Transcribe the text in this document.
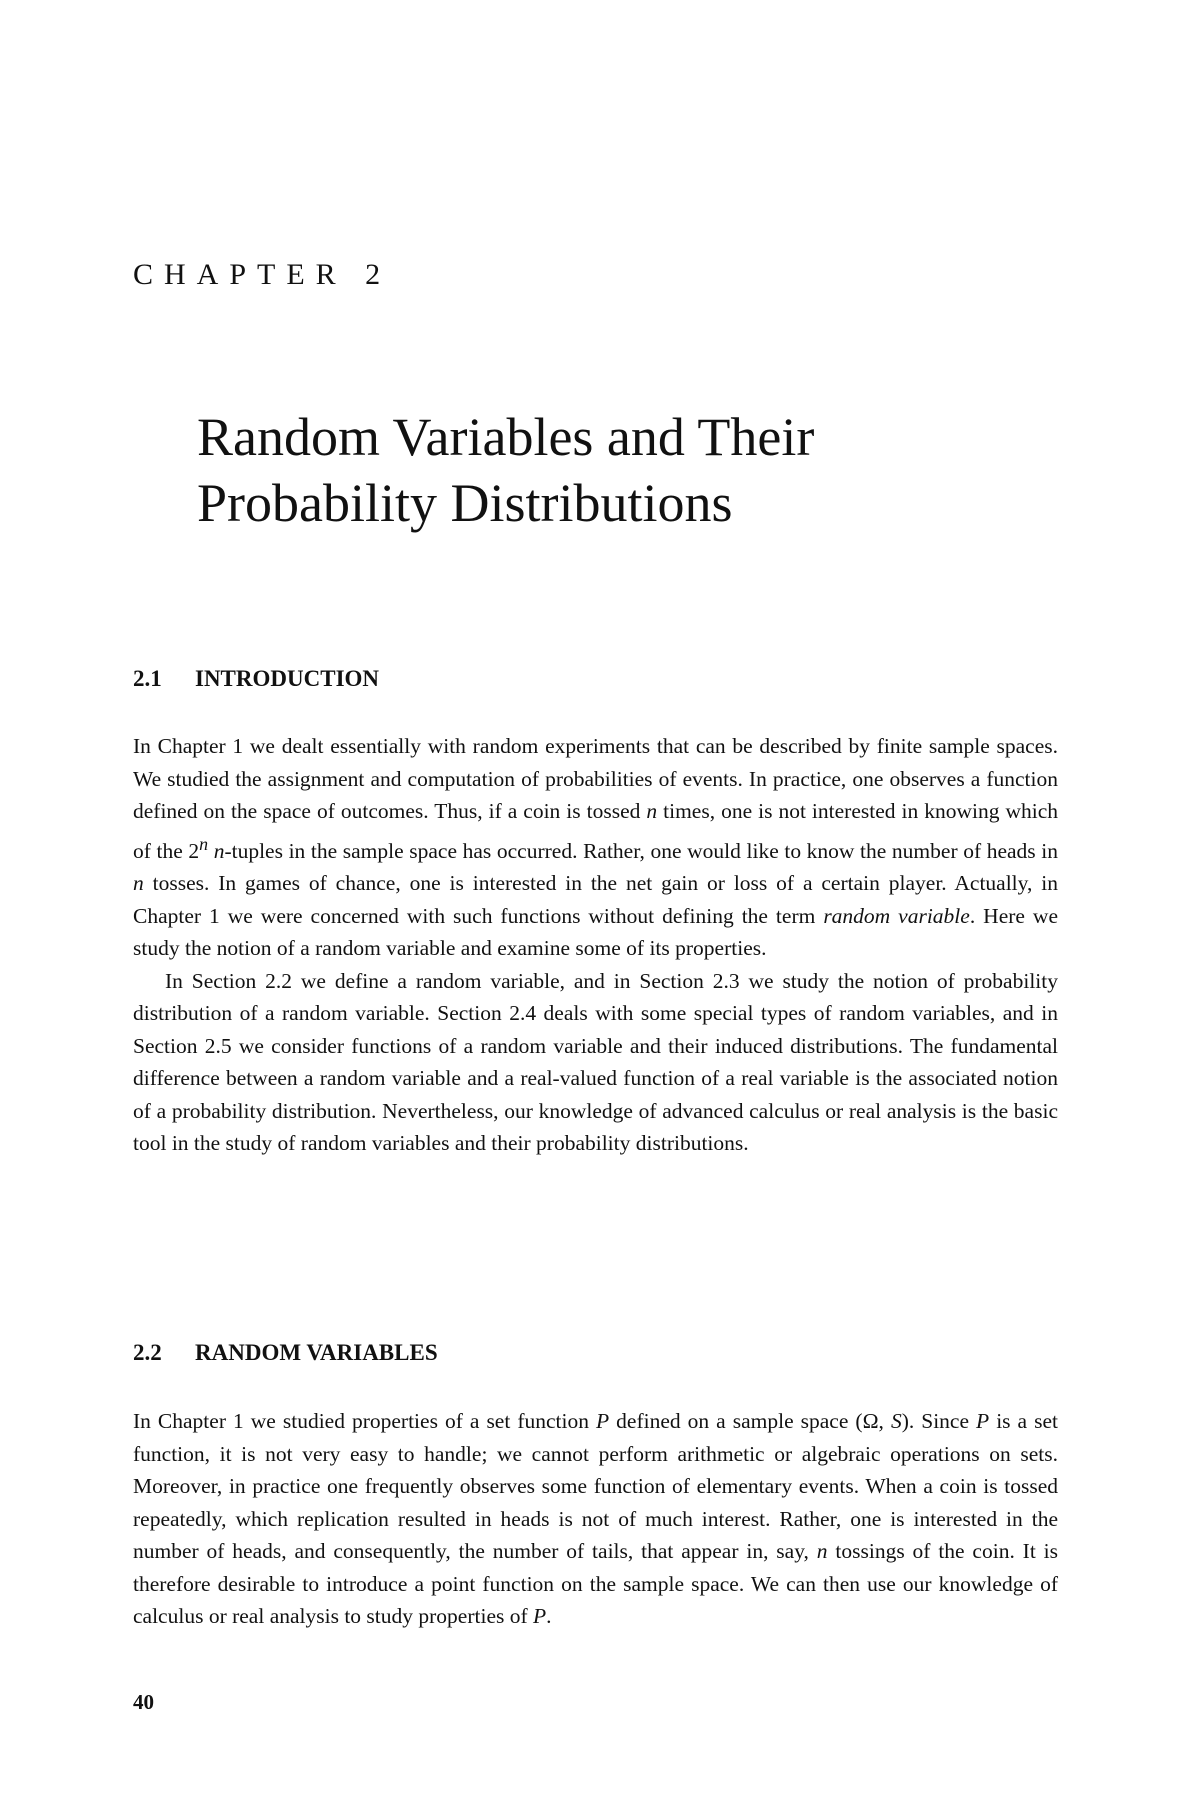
CHAPTER 2
Random Variables and Their
Probability Distributions
2.1 INTRODUCTION

In Chapter 1 we dealt essentially with random experiments that can be described by finite sample spaces. We studied the assignment and computation of probabilities of events. In practice, one observes a function defined on the space of outcomes. Thus, if a coin is tossed n times, one is not interested in knowing which of the 2$^n$ n-tuples in the sample space has occurred. Rather, one would like to know the number of heads in n tosses. In games of chance, one is interested in the net gain or loss of a certain player. Actually, in Chapter 1 we were concerned with such functions without defining the term random variable. Here we study the notion of a random variable and examine some of its properties.

In Section 2.2 we define a random variable, and in Section 2.3 we study the notion of probability distribution of a random variable. Section 2.4 deals with some special types of random variables, and in Section 2.5 we consider functions of a random variable and their induced distributions. The fundamental difference between a random variable and a real-valued function of a real variable is the associated notion of a probability distribution. Nevertheless, our knowledge of advanced calculus or real analysis is the basic tool in the study of random variables and their probability distributions.

2.2 RANDOM VARIABLES

In Chapter 1 we studied properties of a set function P defined on a sample space (Ω, S). Since P is a set function, it is not very easy to handle; we cannot perform arithmetic or algebraic operations on sets. Moreover, in practice one frequently observes some function of elementary events. When a coin is tossed repeatedly, which replication resulted in heads is not of much interest. Rather, one is interested in the number of heads, and consequently, the number of tails, that appear in, say, n tossings of the coin. It is therefore desirable to introduce a point function on the sample space. We can then use our knowledge of calculus or real analysis to study properties of P.

40
